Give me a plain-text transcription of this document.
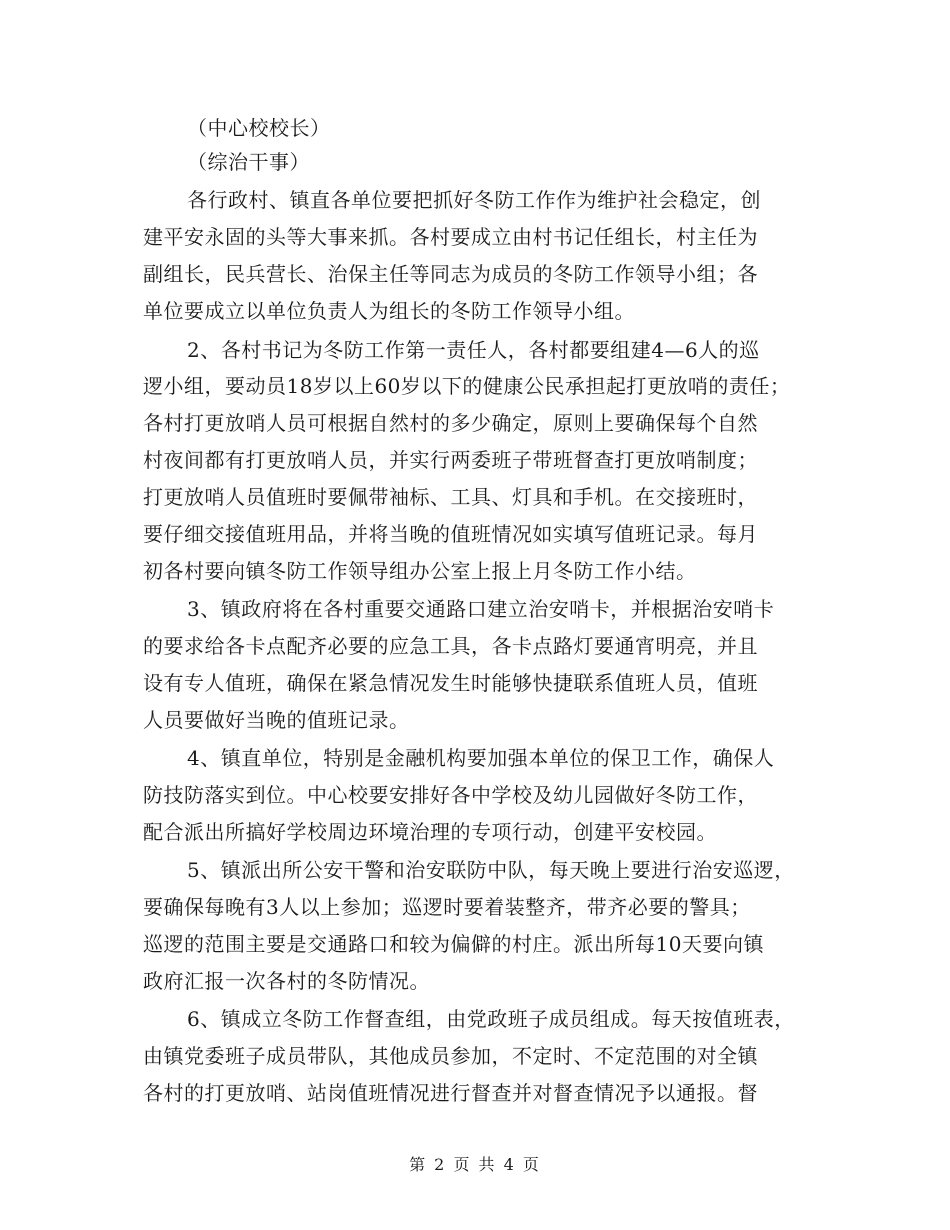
（中心校校长）
（综治干事）
各行政村、镇直各单位要把抓好冬防工作作为维护社会稳定，创
建平安永固的头等大事来抓。各村要成立由村书记任组长，村主任为
副组长，民兵营长、治保主任等同志为成员的冬防工作领导小组；各
单位要成立以单位负责人为组长的冬防工作领导小组。
2、各村书记为冬防工作第一责任人，各村都要组建4—6人的巡
逻小组，要动员18岁以上60岁以下的健康公民承担起打更放哨的责任；
各村打更放哨人员可根据自然村的多少确定，原则上要确保每个自然
村夜间都有打更放哨人员，并实行两委班子带班督查打更放哨制度；
打更放哨人员值班时要佩带袖标、工具、灯具和手机。在交接班时，
要仔细交接值班用品，并将当晚的值班情况如实填写值班记录。每月
初各村要向镇冬防工作领导组办公室上报上月冬防工作小结。
3、镇政府将在各村重要交通路口建立治安哨卡，并根据治安哨卡
的要求给各卡点配齐必要的应急工具，各卡点路灯要通宵明亮，并且
设有专人值班，确保在紧急情况发生时能够快捷联系值班人员，值班
人员要做好当晚的值班记录。
4、镇直单位，特别是金融机构要加强本单位的保卫工作，确保人
防技防落实到位。中心校要安排好各中学校及幼儿园做好冬防工作，
配合派出所搞好学校周边环境治理的专项行动，创建平安校园。
5、镇派出所公安干警和治安联防中队，每天晚上要进行治安巡逻，
要确保每晚有3人以上参加；巡逻时要着装整齐，带齐必要的警具；
巡逻的范围主要是交通路口和较为偏僻的村庄。派出所每10天要向镇
政府汇报一次各村的冬防情况。
6、镇成立冬防工作督查组，由党政班子成员组成。每天按值班表，
由镇党委班子成员带队，其他成员参加，不定时、不定范围的对全镇
各村的打更放哨、站岗值班情况进行督查并对督查情况予以通报。督
第 2 页 共 4 页
